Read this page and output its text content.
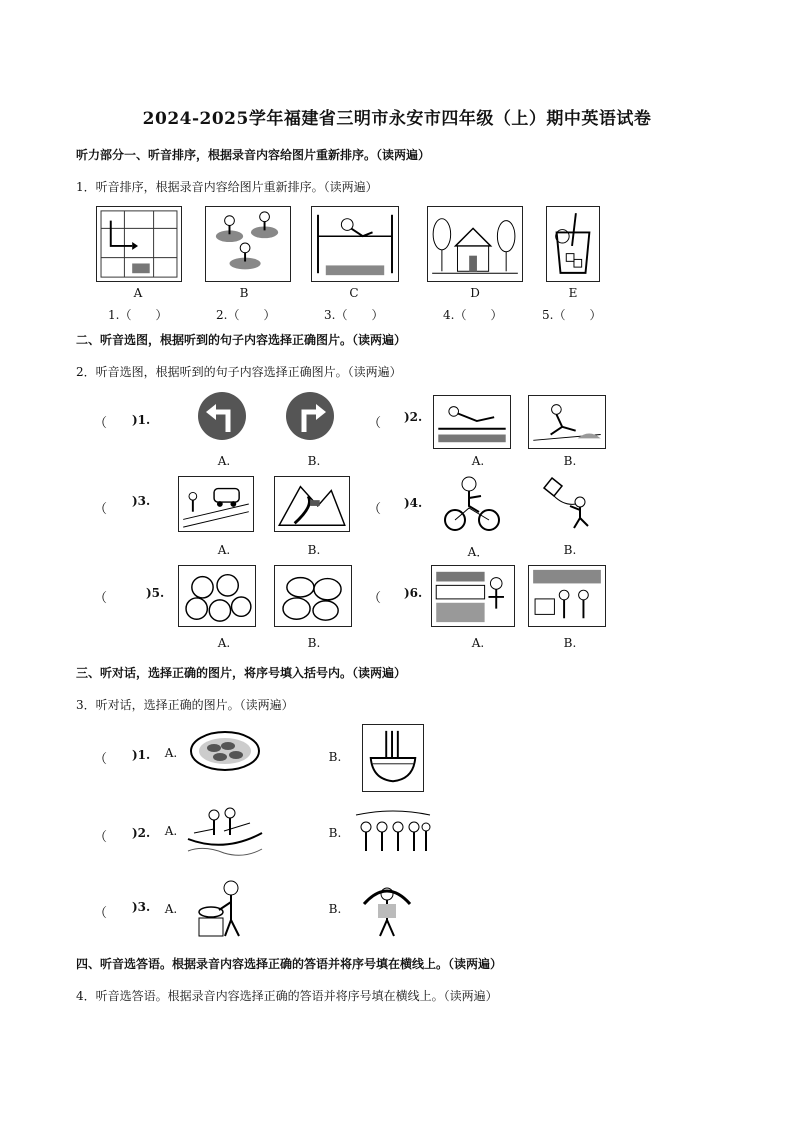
2024-2025学年福建省三明市永安市四年级（上）期中英语试卷
听力部分一、听音排序，根据录音内容给图片重新排序。（读两遍）
1．听音排序，根据录音内容给图片重新排序。（读两遍）
A	B	C	D	E
1.（　　）	2.（　　）	3.（　　）	4.（　　）	5.（　　）
二、听音选图，根据听到的句子内容选择正确图片。（读两遍）
2．听音选图，根据听到的句子内容选择正确图片。（读两遍）
（　　
)1.
A.	B.
（　　
)2.
A.	B.
（　　
)3.
A.	B.
（　　
)4.
A．	B.
（　　 )5.
A.	B.
（　　
)6.
A.	B.
三、听对话，选择正确的图片，将序号填入括号内。（读两遍）
3．听对话，选择正确的图片。（读两遍）
（　　
)1.	A.	B.
（　　
)2.	A.	B.
（　　
)3.	A.	B.
四、听音选答语。根据录音内容选择正确的答语并将序号填在横线上。（读两遍）
4．听音选答语。根据录音内容选择正确的答语并将序号填在横线上。（读两遍）
